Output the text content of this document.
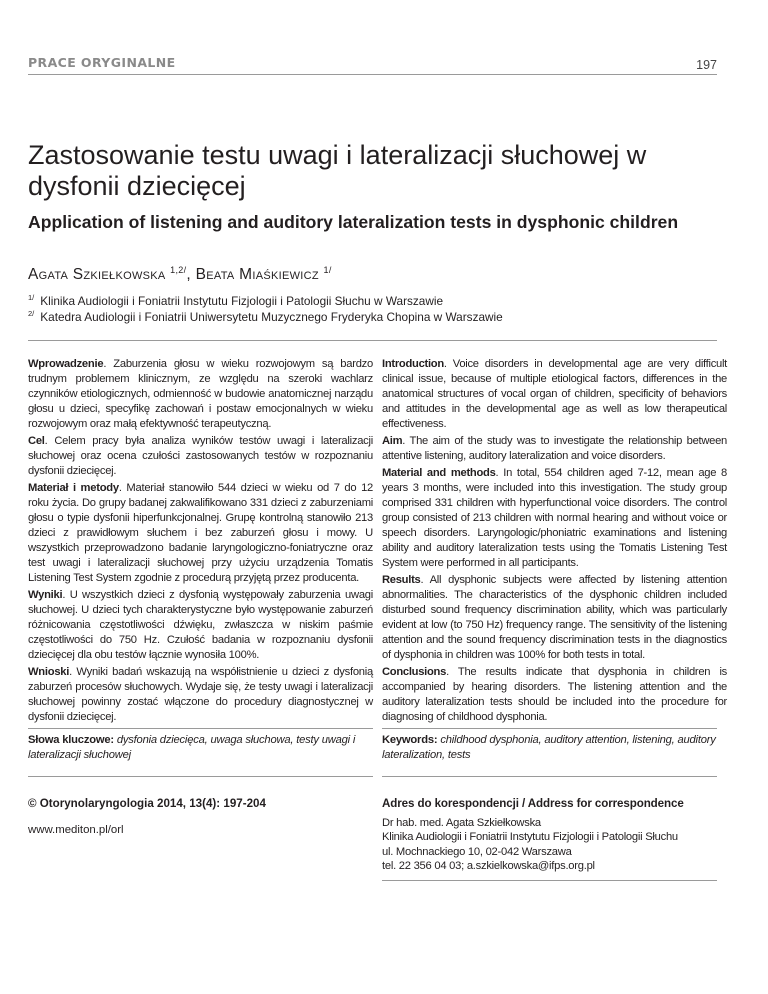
PRACE ORYGINALNE	197
Zastosowanie testu uwagi i lateralizacji słuchowej w dysfonii dziecięcej
Application of listening and auditory lateralization tests in dysphonic children
Agata Szkiełkowska $^{1,2/}$, Beata Miaśkiewicz $^{1/}$
$^{1/}$ Klinika Audiologii i Foniatrii Instytutu Fizjologii i Patologii Słuchu w Warszawie
$^{2/}$ Katedra Audiologii i Foniatrii Uniwersytetu Muzycznego Fryderyka Chopina w Warszawie

Wprowadzenie. Zaburzenia głosu w wieku rozwojowym są bardzo trudnym problemem klinicznym, ze względu na szeroki wachlarz czynników etiologicznych, odmienność w budowie anatomicznej narządu głosu u dzieci, specyfikę zachowań i postaw emocjonalnych w wieku rozwojowym oraz małą efektywność terapeutyczną.

Cel. Celem pracy była analiza wyników testów uwagi i lateralizacji słuchowej oraz ocena czułości zastosowanych testów w rozpoznaniu dysfonii dziecięcej.

Materiał i metody. Materiał stanowiło 544 dzieci w wieku od 7 do 12 roku życia. Do grupy badanej zakwalifikowano 331 dzieci z zaburzeniami głosu o typie dysfonii hiperfunkcjonalnej. Grupę kontrolną stanowiło 213 dzieci z prawidłowym słuchem i bez zaburzeń głosu i mowy. U wszystkich przeprowadzono badanie laryngologiczno-foniatryczne oraz test uwagi i lateralizacji słuchowej przy użyciu urządzenia Tomatis Listening Test System zgodnie z procedurą przyjętą przez producenta.

Wyniki. U wszystkich dzieci z dysfonią występowały zaburzenia uwagi słuchowej. U dzieci tych charakterystyczne było występowanie zaburzeń różnicowania częstotliwości dźwięku, zwłaszcza w niskim paśmie częstotliwości do 750 Hz. Czułość badania w rozpoznaniu dysfonii dziecięcej dla obu testów łącznie wynosiła 100%.

Wnioski. Wyniki badań wskazują na współistnienie u dzieci z dysfonią zaburzeń procesów słuchowych. Wydaje się, że testy uwagi i lateralizacji słuchowej powinny zostać włączone do procedury diagnostycznej w dysfonii dziecięcej.

Introduction. Voice disorders in developmental age are very difficult clinical issue, because of multiple etiological factors, differences in the anatomical structures of vocal organ of children, specificity of behaviors and attitudes in the developmental age as well as low therapeutical effectiveness.

Aim. The aim of the study was to investigate the relationship between attentive listening, auditory lateralization and voice disorders.

Material and methods. In total, 554 children aged 7-12, mean age 8 years 3 months, were included into this investigation. The study group comprised 331 children with hyperfunctional voice disorders. The control group consisted of 213 children with normal hearing and without voice or speech disorders. Laryngologic/phoniatric examinations and listening ability and auditory lateralization tests using the Tomatis Listening Test System were performed in all participants.

Results. All dysphonic subjects were affected by listening attention abnormalities. The characteristics of the dysphonic children included disturbed sound frequency discrimination ability, which was particularly evident at low (to 750 Hz) frequency range. The sensitivity of the listening attention and the sound frequency discrimination tests in the diagnostics of dysphonia in children was 100% for both tests in total.

Conclusions. The results indicate that dysphonia in children is accompanied by hearing disorders. The listening attention and the auditory lateralization tests should be included into the procedure for diagnosing of childhood dysphonia.

Słowa kluczowe: dysfonia dziecięca, uwaga słuchowa, testy uwagi i lateralizacji słuchowej
Keywords: childhood dysphonia, auditory attention, listening, auditory lateralization, tests
© Otorynolaryngologia 2014, 13(4): 197-204
www.mediton.pl/orl
Adres do korespondencji / Address for correspondence
Dr hab. med. Agata Szkiełkowska
Klinika Audiologii i Foniatrii Instytutu Fizjologii i Patologii Słuchu
ul. Mochnackiego 10, 02-042 Warszawa
tel. 22 356 04 03; a.szkielkowska@ifps.org.pl
